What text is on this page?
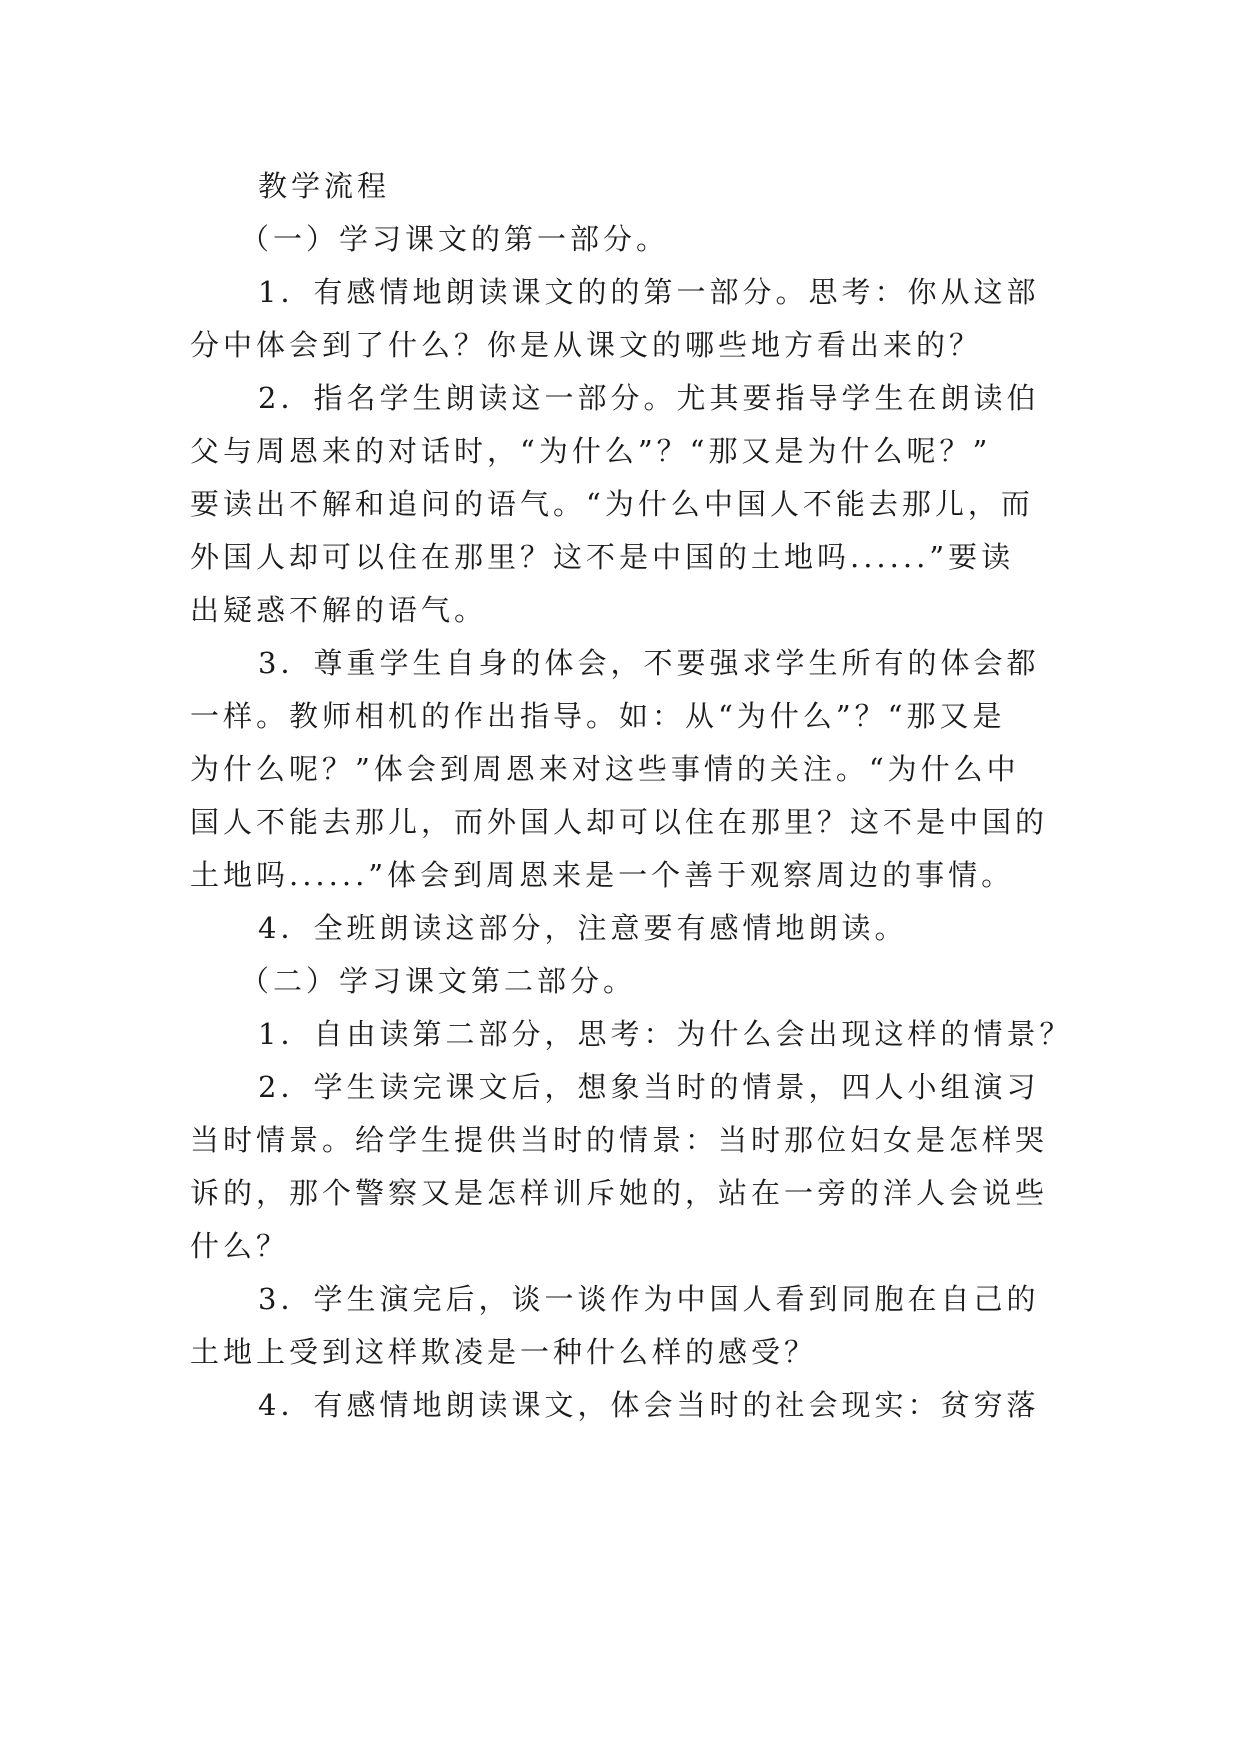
教学流程
（一）学习课文的第一部分。
1．有感情地朗读课文的的第一部分。思考：你从这部
分中体会到了什么？你是从课文的哪些地方看出来的？
2．指名学生朗读这一部分。尤其要指导学生在朗读伯
父与周恩来的对话时，“为什么”？“那又是为什么呢？”
要读出不解和追问的语气。“为什么中国人不能去那儿，而
外国人却可以住在那里？这不是中国的土地吗......”要读
出疑惑不解的语气。
3．尊重学生自身的体会，不要强求学生所有的体会都
一样。教师相机的作出指导。如：从“为什么”？“那又是
为什么呢？”体会到周恩来对这些事情的关注。“为什么中
国人不能去那儿，而外国人却可以住在那里？这不是中国的
土地吗......”体会到周恩来是一个善于观察周边的事情。
4．全班朗读这部分，注意要有感情地朗读。
（二）学习课文第二部分。
1．自由读第二部分，思考：为什么会出现这样的情景？
2．学生读完课文后，想象当时的情景，四人小组演习
当时情景。给学生提供当时的情景：当时那位妇女是怎样哭
诉的，那个警察又是怎样训斥她的，站在一旁的洋人会说些
什么？
3．学生演完后，谈一谈作为中国人看到同胞在自己的
土地上受到这样欺凌是一种什么样的感受？
4．有感情地朗读课文，体会当时的社会现实：贫穷落
